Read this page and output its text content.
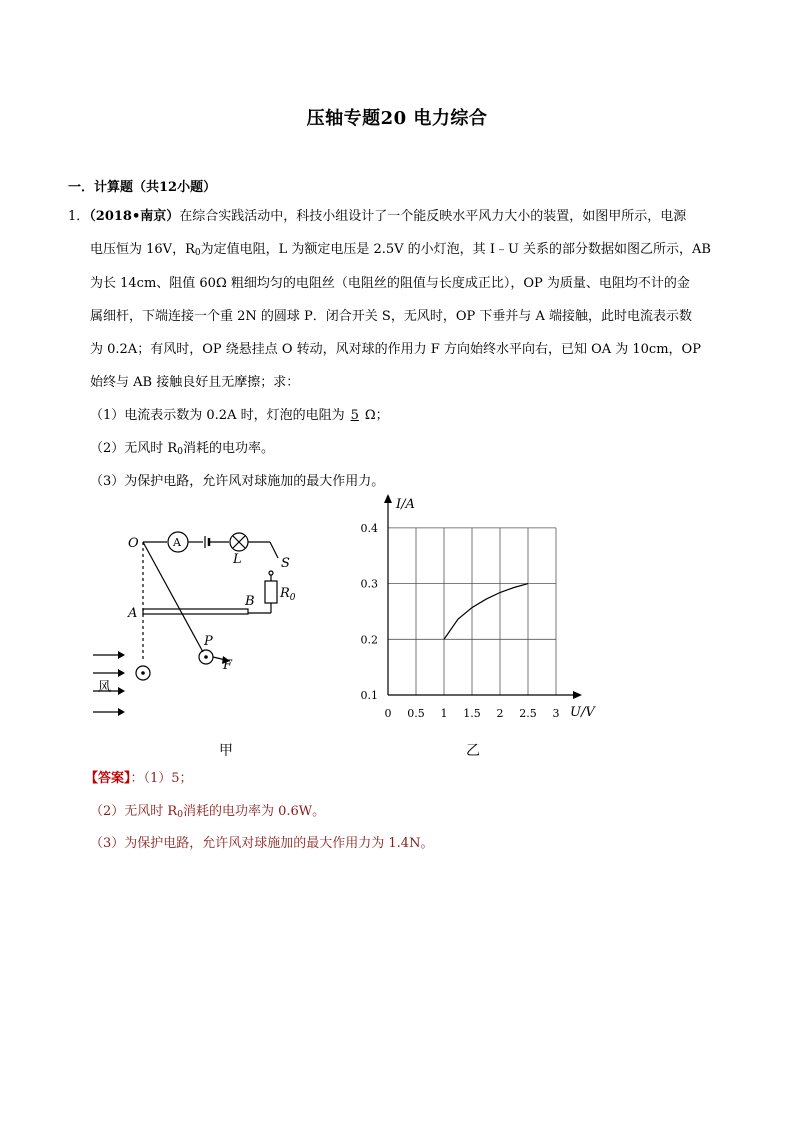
压轴专题20 电力综合
一．计算题（共12小题）
1．（2018•南京）在综合实践活动中，科技小组设计了一个能反映水平风力大小的装置，如图甲所示，电源
电压恒为 16V，$R_0$为定值电阻，L 为额定电压是 2.5V 的小灯泡，其 I﹣U 关系的部分数据如图乙所示，AB
为长 14cm、阻值 60Ω 粗细均匀的电阻丝（电阻丝的阻值与长度成正比），OP 为质量、电阻均不计的金
属细杆，下端连接一个重 2N 的圆球 P．闭合开关 S，无风时，OP 下垂并与 A 端接触，此时电流表示数
为 0.2A；有风时，OP 绕悬挂点 O 转动，风对球的作用力 F 方向始终水平向右，已知 OA 为 10cm，OP
始终与 AB 接触良好且无摩擦；求：
（1）电流表示数为 0.2A 时，灯泡的电阻为 5 Ω；
（2）无风时 $R_0$消耗的电功率。
（3）为保护电路，允许风对球施加的最大作用力。
O
A
B
P
F
L	S
$R_0$
A
风
甲
0 0.5 1 1.5 2 2.5 3
0.1
0.2
0.3
0.4
I/A
U/V
乙
【答案】：（1）5；
（2）无风时 $R_0$消耗的电功率为 0.6W。
（3）为保护电路，允许风对球施加的最大作用力为 1.4N。
